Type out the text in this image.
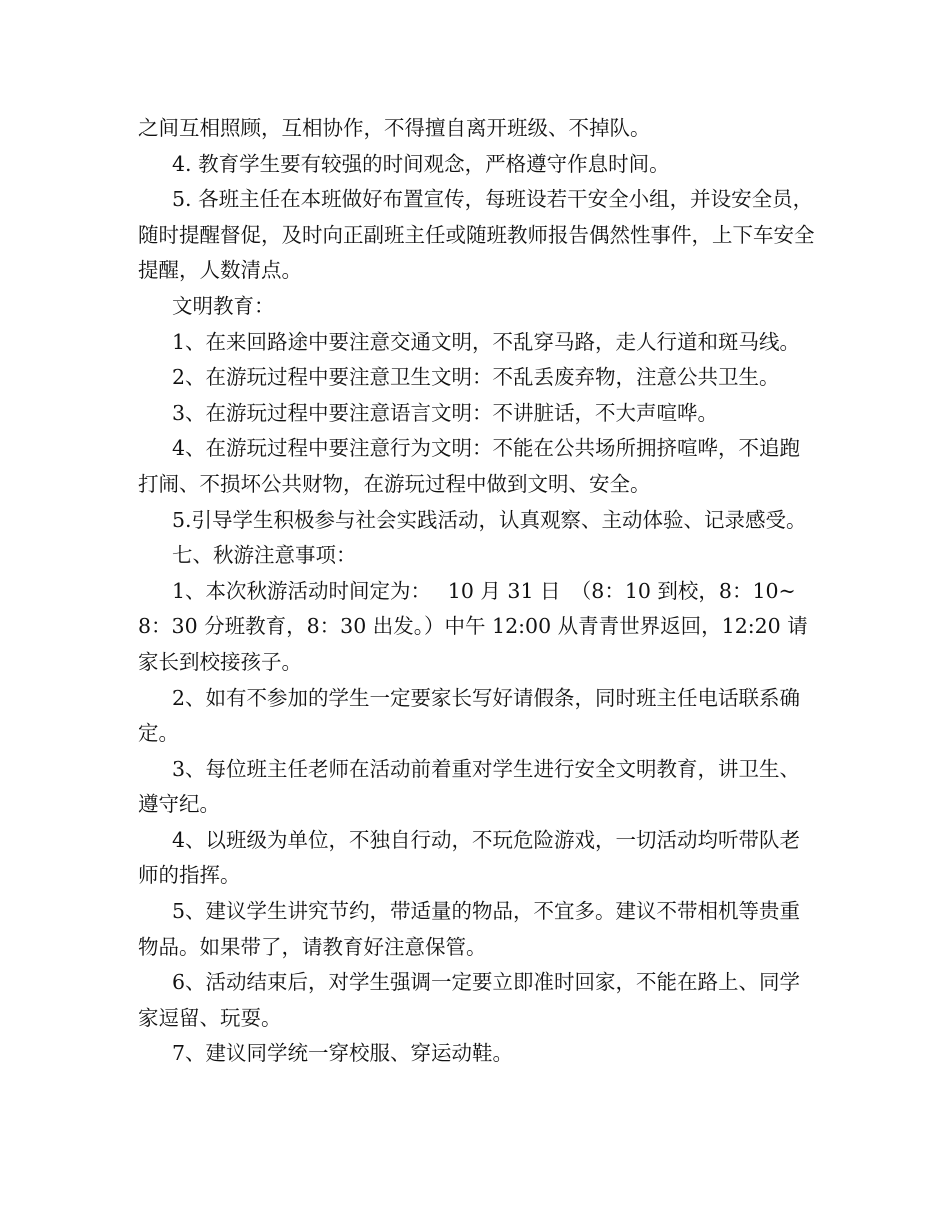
之间互相照顾，互相协作，不得擅自离开班级、不掉队。

4. 教育学生要有较强的时间观念，严格遵守作息时间。

5. 各班主任在本班做好布置宣传，每班设若干安全小组，并设安全员，随时提醒督促，及时向正副班主任或随班教师报告偶然性事件，上下车安全提醒，人数清点。

文明教育：

1、在来回路途中要注意交通文明，不乱穿马路，走人行道和斑马线。

2、在游玩过程中要注意卫生文明：不乱丢废弃物，注意公共卫生。

3、在游玩过程中要注意语言文明：不讲脏话，不大声喧哗。

4、在游玩过程中要注意行为文明：不能在公共场所拥挤喧哗，不追跑打闹、不损坏公共财物，在游玩过程中做到文明、安全。

5.引导学生积极参与社会实践活动，认真观察、主动体验、记录感受。

七、秋游注意事项：

1、本次秋游活动时间定为：　 10 月 31 日　（8：10 到校，8：10~8：30 分班教育，8：30 出发。）中午 12:00 从青青世界返回，12:20 请家长到校接孩子。

2、如有不参加的学生一定要家长写好请假条，同时班主任电话联系确定。

3、每位班主任老师在活动前着重对学生进行安全文明教育，讲卫生、遵守纪。

4、以班级为单位，不独自行动，不玩危险游戏，一切活动均听带队老师的指挥。

5、建议学生讲究节约，带适量的物品，不宜多。建议不带相机等贵重物品。如果带了，请教育好注意保管。

6、活动结束后，对学生强调一定要立即准时回家，不能在路上、同学家逗留、玩耍。

7、建议同学统一穿校服、穿运动鞋。
